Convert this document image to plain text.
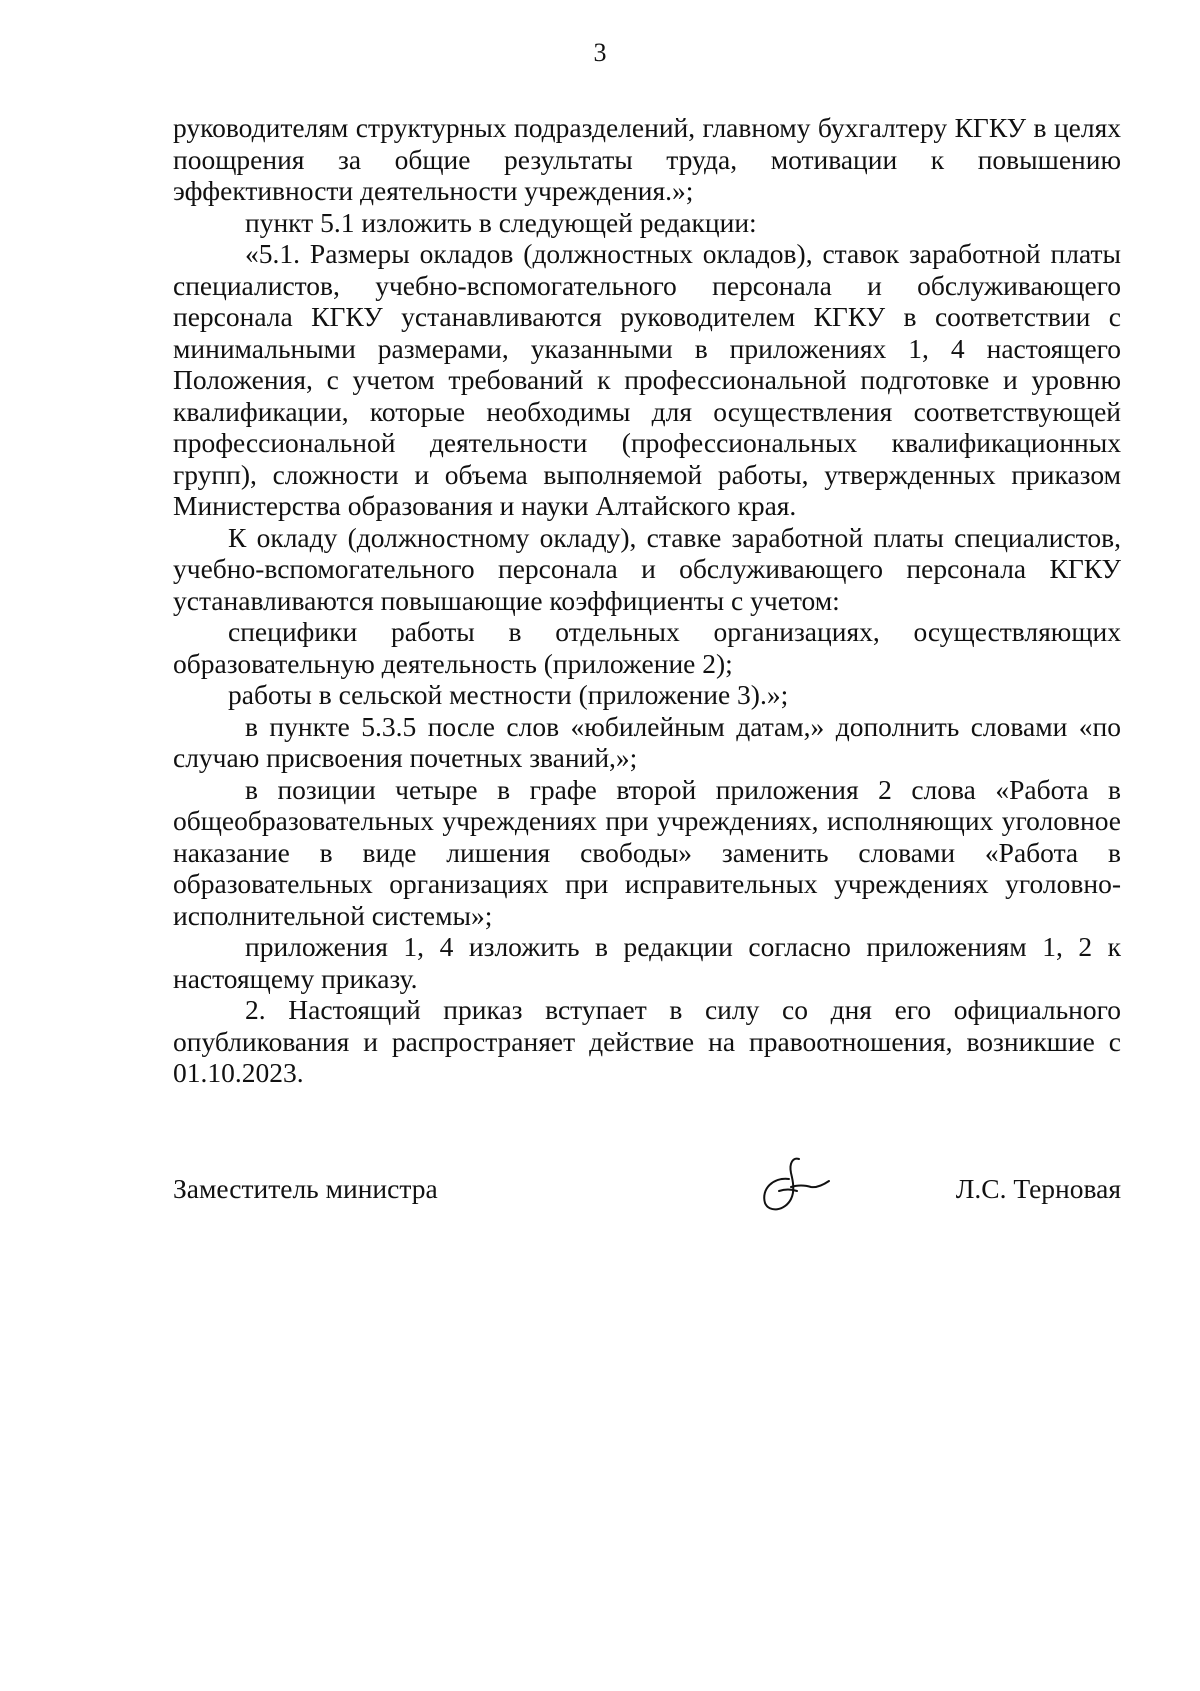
3

руководителям структурных подразделений, главному бухгалтеру КГКУ в целях поощрения за общие результаты труда, мотивации к повышению эффективности деятельности учреждения.»;

пункт 5.1 изложить в следующей редакции:

«5.1. Размеры окладов (должностных окладов), ставок заработной платы специалистов, учебно-вспомогательного персонала и обслуживающего персонала КГКУ устанавливаются руководителем КГКУ в соответствии с минимальными размерами, указанными в приложениях 1, 4 настоящего Положения, с учетом требований к профессиональной подготовке и уровню квалификации, которые необходимы для осуществления соответствующей профессиональной деятельности (профессиональных квалификационных групп), сложности и объема выполняемой работы, утвержденных приказом Министерства образования и науки Алтайского края.

К окладу (должностному окладу), ставке заработной платы специалистов, учебно-вспомогательного персонала и обслуживающего персонала КГКУ устанавливаются повышающие коэффициенты с учетом:

специфики работы в отдельных организациях, осуществляющих образовательную деятельность (приложение 2);

работы в сельской местности (приложение 3).»;

в пункте 5.3.5 после слов «юбилейным датам,» дополнить словами «по случаю присвоения почетных званий,»;

в позиции четыре в графе второй приложения 2 слова «Работа в общеобразовательных учреждениях при учреждениях, исполняющих уголовное наказание в виде лишения свободы» заменить словами «Работа в образовательных организациях при исправительных учреждениях уголовно-исполнительной системы»;

приложения 1, 4 изложить в редакции согласно приложениям 1, 2 к настоящему приказу.

2. Настоящий приказ вступает в силу со дня его официального опубликования и распространяет действие на правоотношения, возникшие с 01.10.2023.

Заместитель министра	Л.С. Терновая
